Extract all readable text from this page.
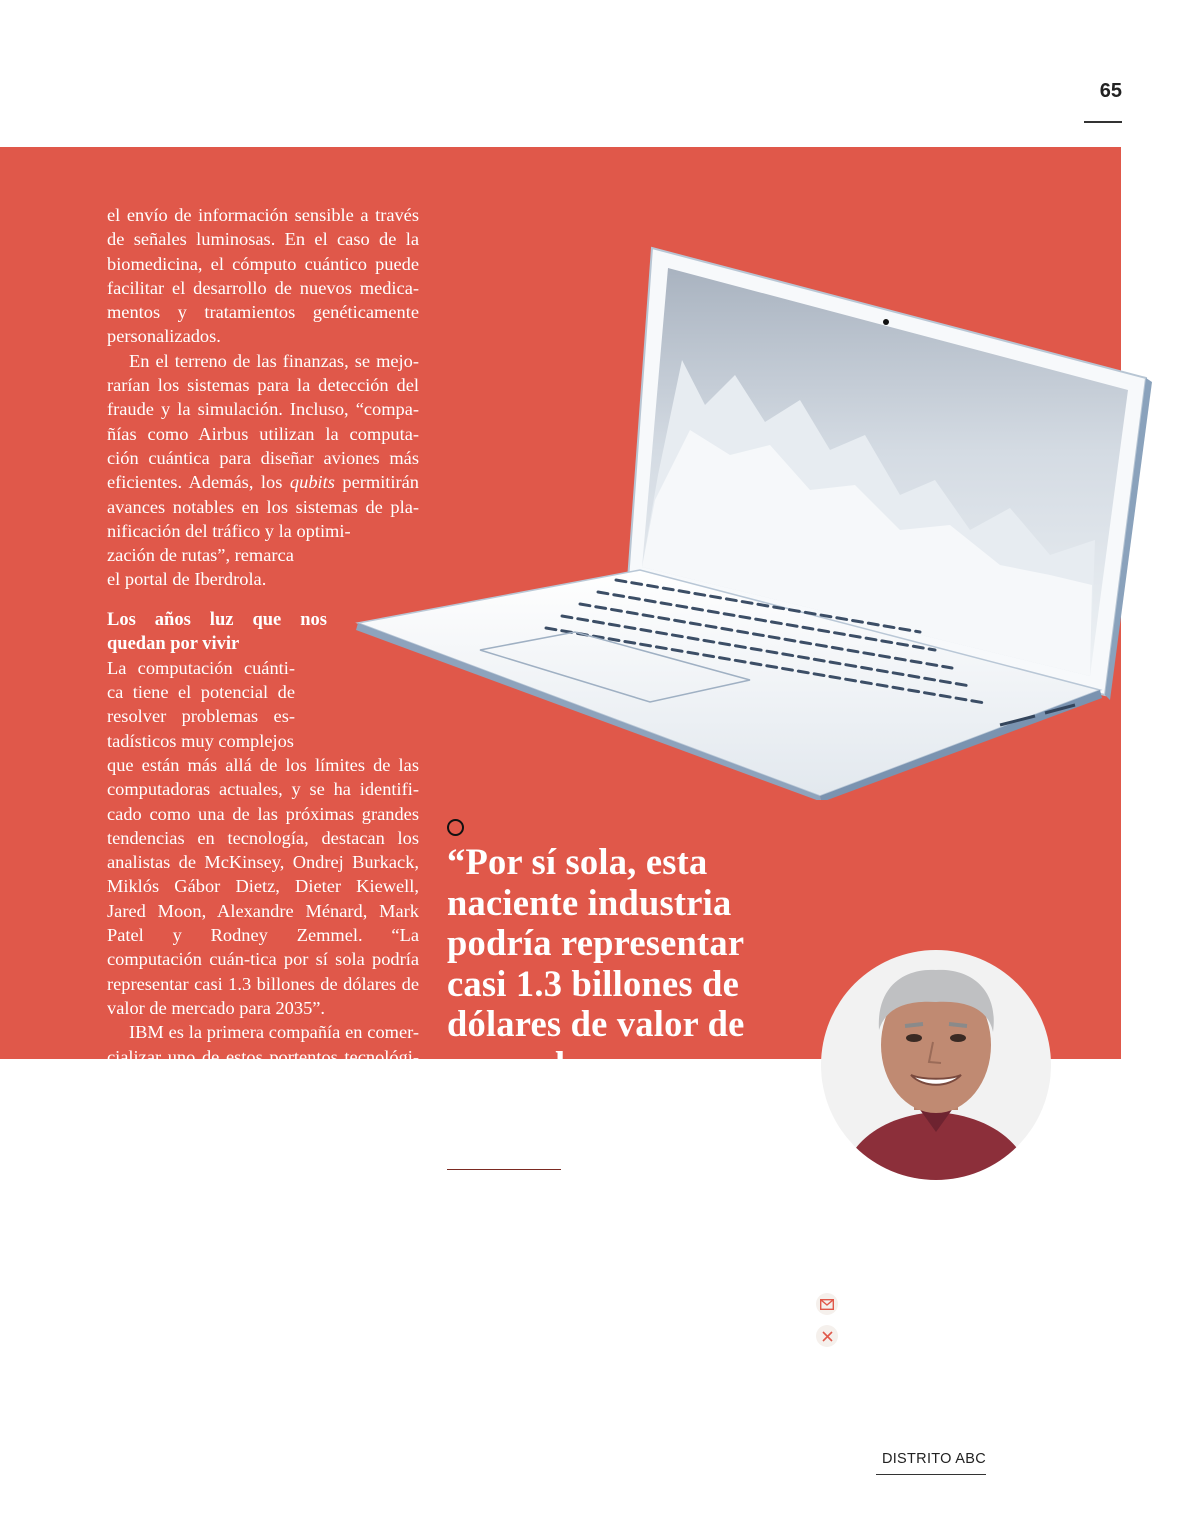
65

el envío de información sensible a través de señales luminosas. En el caso de la biomedicina, el cómputo cuántico puede facilitar el desarrollo de nuevos medica-mentos y tratamientos genéticamente personalizados.

En el terreno de las finanzas, se mejo-rarían los sistemas para la detección del fraude y la simulación. Incluso, “compa-ñías como Airbus utilizan la computa-ción cuántica para diseñar aviones más eficientes. Además, los qubits permitirán avances notables en los sistemas de pla-nificación del tráfico y la optimi-

zación de rutas”, remarca

el portal de Iberdrola.

Los años luz que nos quedan por vivir

La computación cuánti-ca tiene el potencial de resolver problemas es-tadísticos muy complejos

que están más allá de los límites de las computadoras actuales, y se ha identifi-cado como una de las próximas grandes tendencias en tecnología, destacan los analistas de McKinsey, Ondrej Burkack, Miklós Gábor Dietz, Dieter Kiewell, Jared Moon, Alexandre Ménard, Mark Patel y Rodney Zemmel. “La computación cuán-tica por sí sola podría representar casi 1.3 billones de dólares de valor de mercado para 2035”.

IBM es la primera compañía en comer-cializar uno de estos portentos tecnológi-cos: Q System One de 20 qubits, un cubo de cristal perfectamente sellado de unos 3 por 3 metros que fue presentado en 2019.

Ciertamente esta tecnología aún está a años luz de tener un uso generalizado, toda vez que hoy día tiene un costo pro-hibitivo, pues un equipo de tan sólo dos qubits tiene un precio de $9,000 dólares, sin contar que requiere forzosamente de una serie de instalaciones especiales que contemplen controles estrictos de tem-peratura, presión, aislamiento y salas

“Por sí sola, esta naciente industria podría representar casi 1.3 billones de dólares de valor de mercado para 2035”

asépticas. En vista de lo anterior, estas supercomputadoras son tan complejas que únicamente tienen mercado en cor-porativos, departamentos de investiga-ción científica de frontera y desarrollo tecnológico.

El autor es director y fundador de la firma de consultoría en comunicación y en investigación periodística Los Ciertos Datos

losciertosdatos@gmail.com
@losciertosdatos
DISTRITO ABC
